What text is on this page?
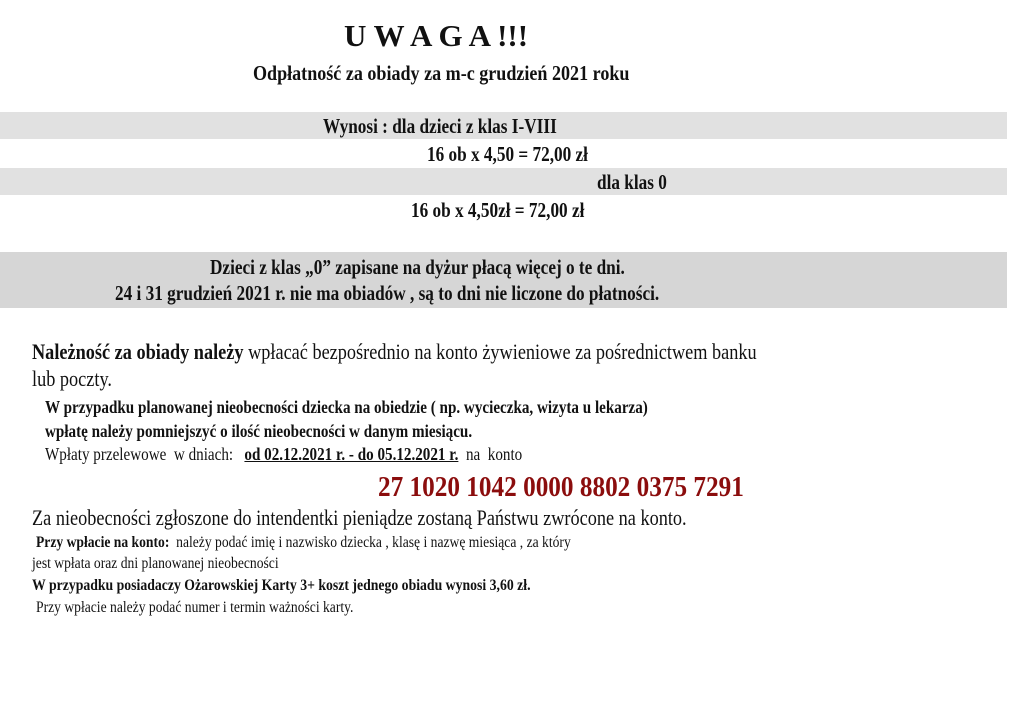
U W A G A !!!
Odpłatność za obiady za m-c grudzień 2021 roku
Wynosi : dla dzieci z klas I-VIII
16 ob x 4,50 = 72,00 zł
dla klas 0
16 ob x 4,50zł = 72,00 zł
Dzieci z klas „0” zapisane na dyżur płacą więcej o te dni.
24 i 31 grudzień 2021 r. nie ma obiadów , są to dni nie liczone do płatności.
Należność za obiady należy wpłacać bezpośrednio na konto żywieniowe za pośrednictwem banku
lub poczty.
W przypadku planowanej nieobecności dziecka na obiedzie ( np. wycieczka, wizyta u lekarza)
wpłatę należy pomniejszyć o ilość nieobecności w danym miesiącu.
Wpłaty przelewowe  w dniach:   od 02.12.2021 r. - do 05.12.2021 r.  na  konto
27 1020 1042 0000 8802 0375 7291
Za nieobecności zgłoszone do intendentki pieniądze zostaną Państwu zwrócone na konto.
Przy wpłacie na konto:  należy podać imię i nazwisko dziecka , klasę i nazwę miesiąca , za który
jest wpłata oraz dni planowanej nieobecności
W przypadku posiadaczy Ożarowskiej Karty 3+ koszt jednego obiadu wynosi 3,60 zł.
Przy wpłacie należy podać numer i termin ważności karty.
